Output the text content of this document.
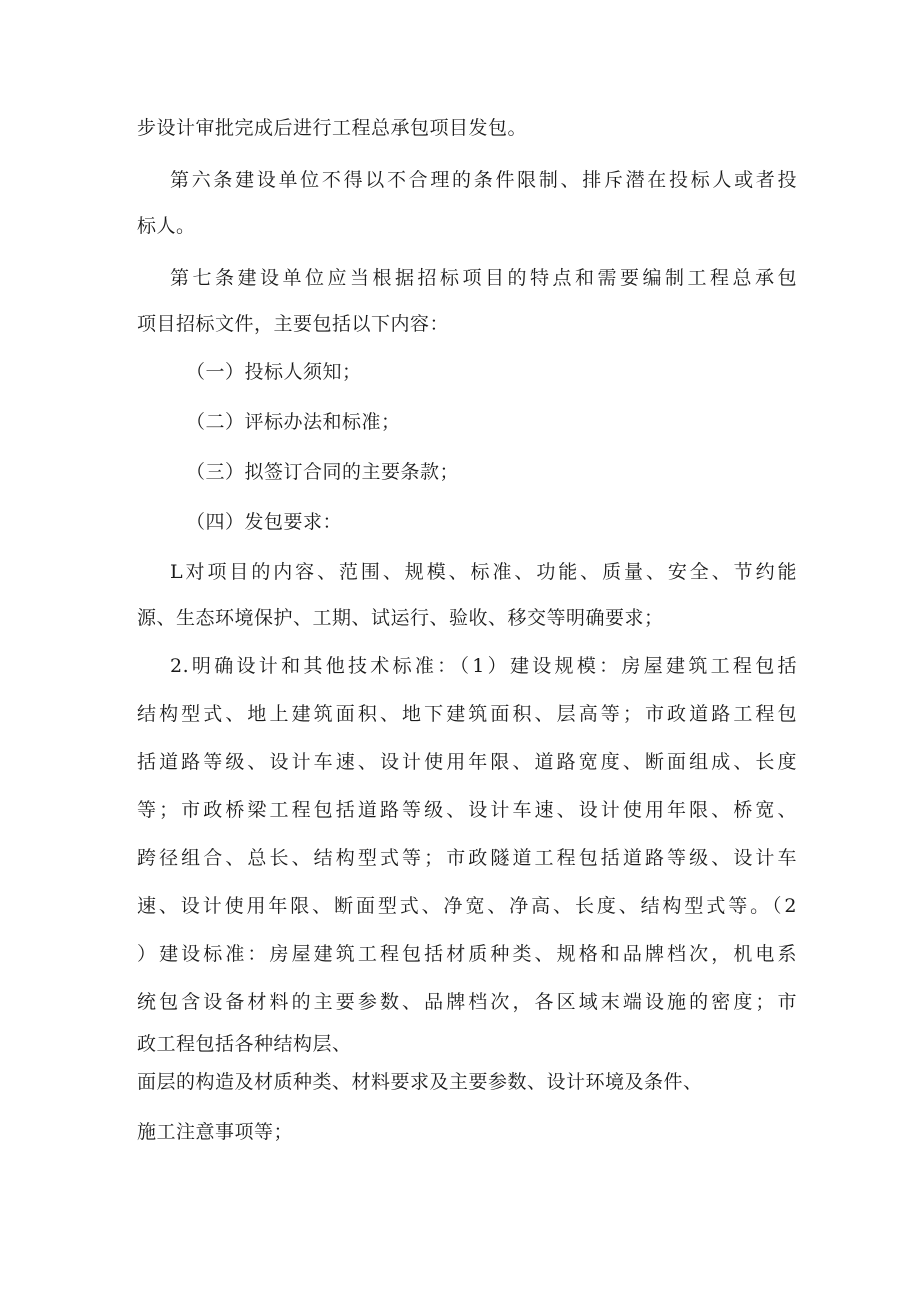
步设计审批完成后进行工程总承包项目发包。
第六条建设单位不得以不合理的条件限制、排斥潜在投标人或者投
标人。
第七条建设单位应当根据招标项目的特点和需要编制工程总承包
项目招标文件，主要包括以下内容：
（一）投标人须知；
（二）评标办法和标准；
（三）拟签订合同的主要条款；
（四）发包要求：
L对项目的内容、范围、规模、标准、功能、质量、安全、节约能
源、生态环境保护、工期、试运行、验收、移交等明确要求；
2.明确设计和其他技术标准：（1）建设规模：房屋建筑工程包括
结构型式、地上建筑面积、地下建筑面积、层高等；市政道路工程包
括道路等级、设计车速、设计使用年限、道路宽度、断面组成、长度
等；市政桥梁工程包括道路等级、设计车速、设计使用年限、桥宽、
跨径组合、总长、结构型式等；市政隧道工程包括道路等级、设计车
速、设计使用年限、断面型式、净宽、净高、长度、结构型式等。（2
）建设标准：房屋建筑工程包括材质种类、规格和品牌档次，机电系
统包含设备材料的主要参数、品牌档次，各区域末端设施的密度；市
政工程包括各种结构层、
面层的构造及材质种类、材料要求及主要参数、设计环境及条件、
施工注意事项等；
